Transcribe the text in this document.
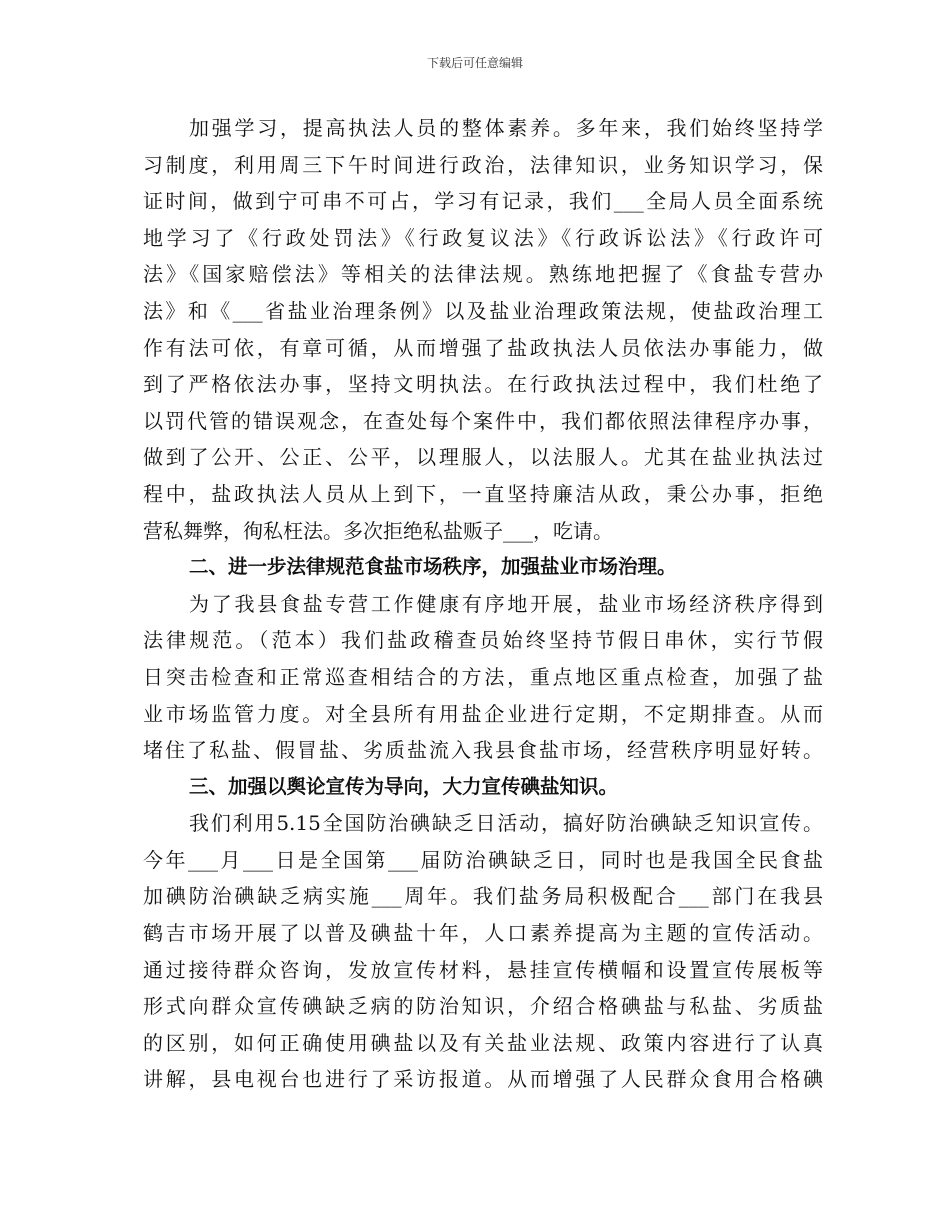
下载后可任意编辑
加强学习，提高执法人员的整体素养。多年来，我们始终坚持学
习制度，利用周三下午时间进行政治，法律知识，业务知识学习，保
证时间，做到宁可串不可占，学习有记录，我们___全局人员全面系统
地学习了《行政处罚法》《行政复议法》《行政诉讼法》《行政许可
法》《国家赔偿法》等相关的法律法规。熟练地把握了《食盐专营办
法》和《___省盐业治理条例》以及盐业治理政策法规，使盐政治理工
作有法可依，有章可循，从而增强了盐政执法人员依法办事能力，做
到了严格依法办事，坚持文明执法。在行政执法过程中，我们杜绝了
以罚代管的错误观念，在查处每个案件中，我们都依照法律程序办事，
做到了公开、公正、公平，以理服人，以法服人。尤其在盐业执法过
程中，盐政执法人员从上到下，一直坚持廉洁从政，秉公办事，拒绝
营私舞弊，徇私枉法。多次拒绝私盐贩子___，吃请。
二、进一步法律规范食盐市场秩序，加强盐业市场治理。
为了我县食盐专营工作健康有序地开展，盐业市场经济秩序得到
法律规范。（范本）我们盐政稽查员始终坚持节假日串休，实行节假
日突击检查和正常巡查相结合的方法，重点地区重点检查，加强了盐
业市场监管力度。对全县所有用盐企业进行定期，不定期排查。从而
堵住了私盐、假冒盐、劣质盐流入我县食盐市场，经营秩序明显好转。
三、加强以舆论宣传为导向，大力宣传碘盐知识。
我们利用5.15全国防治碘缺乏日活动，搞好防治碘缺乏知识宣传。
今年___月___日是全国第___届防治碘缺乏日，同时也是我国全民食盐
加碘防治碘缺乏病实施___周年。我们盐务局积极配合___部门在我县
鹤吉市场开展了以普及碘盐十年，人口素养提高为主题的宣传活动。
通过接待群众咨询，发放宣传材料，悬挂宣传横幅和设置宣传展板等
形式向群众宣传碘缺乏病的防治知识，介绍合格碘盐与私盐、劣质盐
的区别，如何正确使用碘盐以及有关盐业法规、政策内容进行了认真
讲解，县电视台也进行了采访报道。从而增强了人民群众食用合格碘
